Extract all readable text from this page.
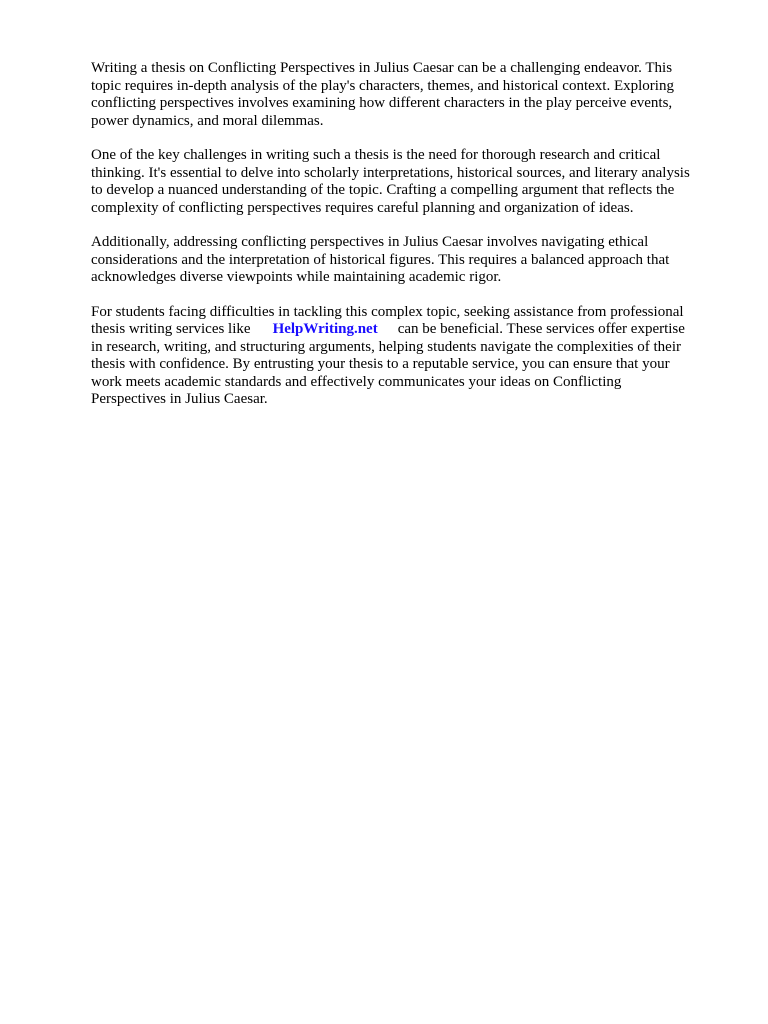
Writing a thesis on Conflicting Perspectives in Julius Caesar can be a challenging endeavor. This
topic requires in-depth analysis of the play's characters, themes, and historical context. Exploring
conflicting perspectives involves examining how different characters in the play perceive events,
power dynamics, and moral dilemmas.

One of the key challenges in writing such a thesis is the need for thorough research and critical
thinking. It's essential to delve into scholarly interpretations, historical sources, and literary analysis
to develop a nuanced understanding of the topic. Crafting a compelling argument that reflects the
complexity of conflicting perspectives requires careful planning and organization of ideas.

Additionally, addressing conflicting perspectives in Julius Caesar involves navigating ethical
considerations and the interpretation of historical figures. This requires a balanced approach that
acknowledges diverse viewpoints while maintaining academic rigor.

For students facing difficulties in tackling this complex topic, seeking assistance from professional
thesis writing services like HelpWriting.net can be beneficial. These services offer expertise
in research, writing, and structuring arguments, helping students navigate the complexities of their
thesis with confidence. By entrusting your thesis to a reputable service, you can ensure that your
work meets academic standards and effectively communicates your ideas on Conflicting
Perspectives in Julius Caesar.
